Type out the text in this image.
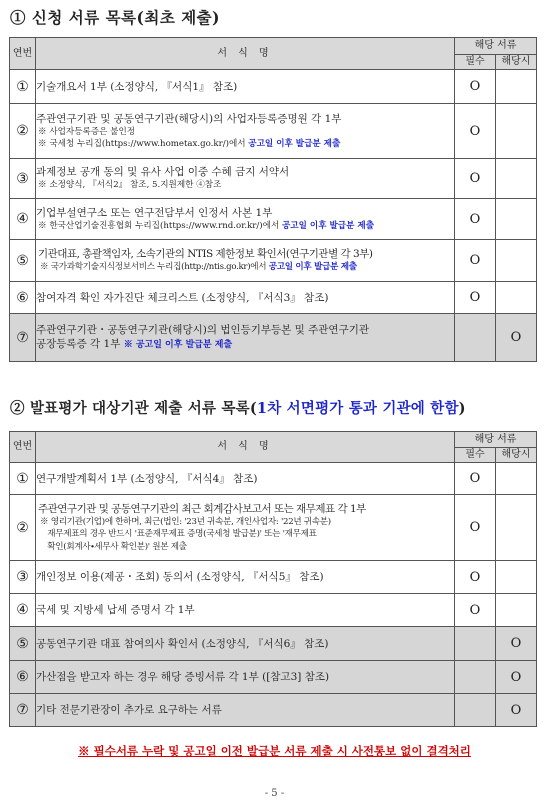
① 신청 서류 목록(최초 제출)
연번	서 식 명	해당 서류	
		필수	해당시
①	기술개요서 1부 (소정양식, 『서식1』 참조)	O	
②	주관연구기관 및 공동연구기관(해당시)의 사업자등록증명원 각 1부
※ 사업자등록증은 불인정
※ 국세청 누리집(https://www.hometax.go.kr/)에서 공고일 이후 발급분 제출	O	
③	과제정보 공개 동의 및 유사 사업 이중 수혜 금지 서약서
※ 소정양식, 『서식2』 참조, 5.지원제한 ④참조	O	
④	기업부설연구소 또는 연구전담부서 인정서 사본 1부
※ 한국산업기술진흥협회 누리집(https://www.rnd.or.kr/)에서 공고일 이후 발급분 제출	O	
⑤	기관대표, 총괄책임자, 소속기관의 NTIS 제한정보 확인서(연구기관별 각 3부)
※ 국가과학기술지식정보서비스 누리집(http://ntis.go.kr)에서 공고일 이후 발급분 제출	O	
⑥	참여자격 확인 자가진단 체크리스트 (소정양식, 『서식3』 참조)	O	
⑦	주관연구기관・공동연구기관(해당시)의 법인등기부등본 및 주관연구기관
공장등록증 각 1부 ※ 공고일 이후 발급분 제출		O
② 발표평가 대상기관 제출 서류 목록(1차 서면평가 통과 기관에 한함)
연번	서 식 명	해당 서류	
		필수	해당시
①	연구개발계획서 1부 (소정양식, 『서식4』 참조)	O	
②	주관연구기관 및 공동연구기관의 최근 회계감사보고서 또는 재무제표 각 1부
※ 영리기관(기업)에 한하며, 최근(법인: '23년 귀속분, 개인사업자: '22년 귀속분)
재무제표의 경우 반드시 '표준재무제표 증명(국세청 발급분)' 또는 '재무제표
확인(회계사∙세무사 확인분)' 원본 제출	O	
③	개인정보 이용(제공・조회) 동의서 (소정양식, 『서식5』 참조)	O	
④	국세 및 지방세 납세 증명서 각 1부	O	
⑤	공동연구기관 대표 참여의사 확인서 (소정양식, 『서식6』 참조)		O
⑥	가산점을 받고자 하는 경우 해당 증빙서류 각 1부 ([참고3] 참조)		O
⑦	기타 전문기관장이 추가로 요구하는 서류		O
※ 필수서류 누락 및 공고일 이전 발급분 서류 제출 시 사전통보 없이 결격처리
- 5 -
